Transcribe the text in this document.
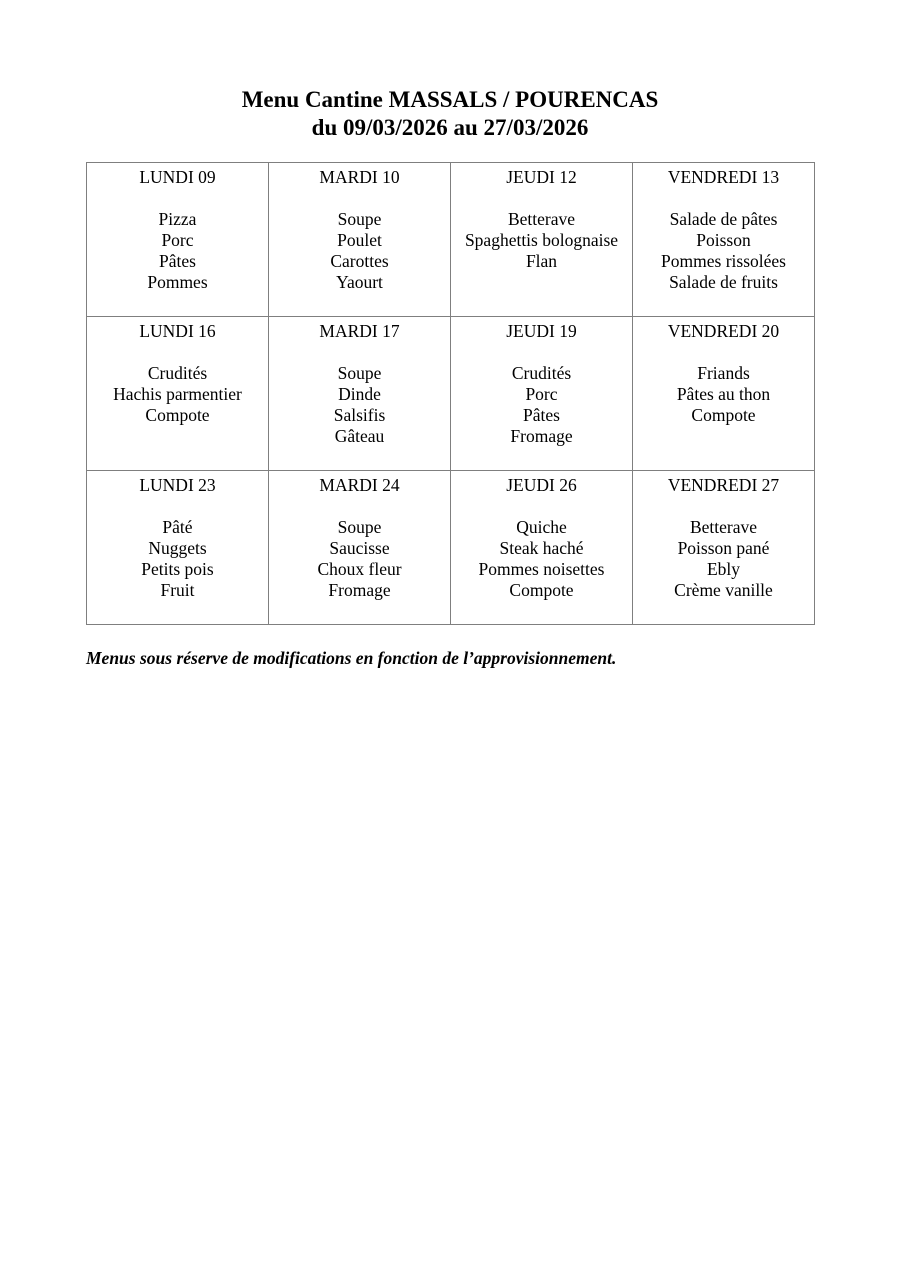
Menu Cantine MASSALS / POURENCAS
du 09/03/2026 au 27/03/2026
LUNDI 09
Pizza
Porc
Pâtes
Pommes	MARDI 10
Soupe
Poulet
Carottes
Yaourt	JEUDI 12
Betterave
Spaghettis bolognaise
Flan	VENDREDI 13
Salade de pâtes
Poisson
Pommes rissolées
Salade de fruits

LUNDI 16
Crudités
Hachis parmentier
Compote	MARDI 17
Soupe
Dinde
Salsifis
Gâteau	JEUDI 19
Crudités
Porc
Pâtes
Fromage	VENDREDI 20
Friands
Pâtes au thon
Compote

LUNDI 23
Pâté
Nuggets
Petits pois
Fruit	MARDI 24
Soupe
Saucisse
Choux fleur
Fromage	JEUDI 26
Quiche
Steak haché
Pommes noisettes
Compote	VENDREDI 27
Betterave
Poisson pané
Ebly
Crème vanille

Menus sous réserve de modifications en fonction de l’approvisionnement.
